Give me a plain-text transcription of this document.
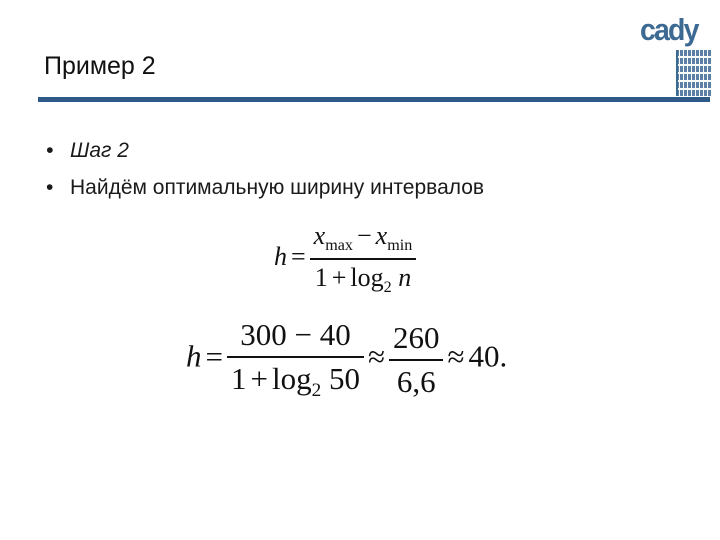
Пример 2
cady
• Шаг 2
• Найдём оптимальную ширину интервалов
$h = \frac{x_{max} - x_{min}}{1 + \log_2 n}$
$h = \frac{300 - 40}{1 + \log_2 50} \approx \frac{260}{6,6} \approx 40$.
